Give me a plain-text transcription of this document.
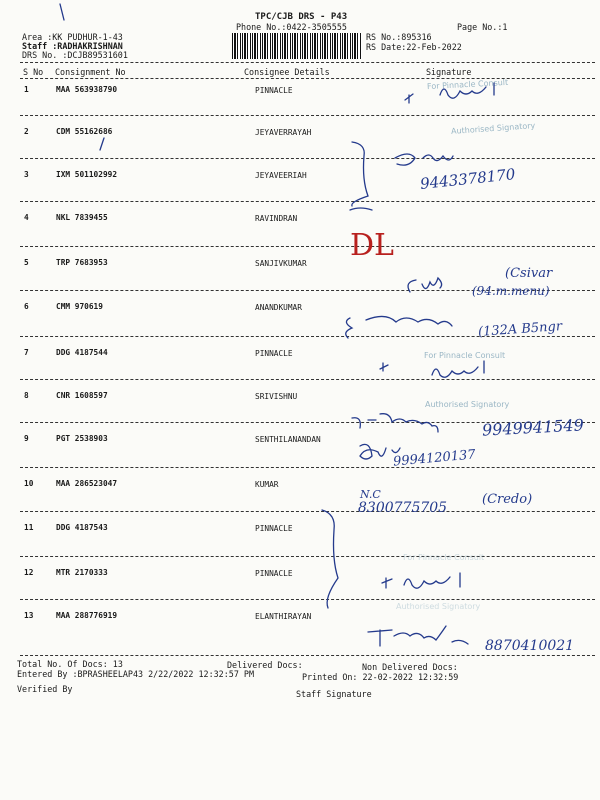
TPC/CJB DRS - P43
Phone No.:0422-3505555	Page No.:1
Area :KK PUDHUR-1-43
Staff :RADHAKRISHNAN
DRS No. :DCJB89531601
RS No.:895316
RS Date:22-Feb-2022
S No Consignment No	Consignee Details	Signature
1	MAA 563938790	PINNACLE
2	CDM 55162686	JEYAVERRAYAH
3	IXM 501102992	JEYAVEERIAH
4	NKL 7839455	RAVINDRAN
5	TRP 7683953	SANJIVKUMAR
6	CMM 970619	ANANDKUMAR
7	DDG 4187544	PINNACLE
8	CNR 1608597	SRIVISHNU
9	PGT 2538903	SENTHILANANDAN
10	MAA 286523047	KUMAR
11	DDG 4187543	PINNACLE
12	MTR 2170333	PINNACLE
13	MAA 288776919	ELANTHIRAYAN
Total No. Of Docs: 13	Delivered Docs:	Non Delivered Docs:
Entered By :BPRASHEELAP43 2/22/2022 12:32:57 PM	Printed On: 22-02-2022 12:32:59
Verified By	Staff Signature
For Pinnacle Consult
Authorised Signatory
For Pinnacle Consult
Authorised Signatory
For Pinnacle Consult
Authorised Signatory
DL
9443378170
(Csivar
(94.m.menu)
(132A B5ngr
9949941549
9994120137
N.C
8300775705
(Credo)
8870410021
